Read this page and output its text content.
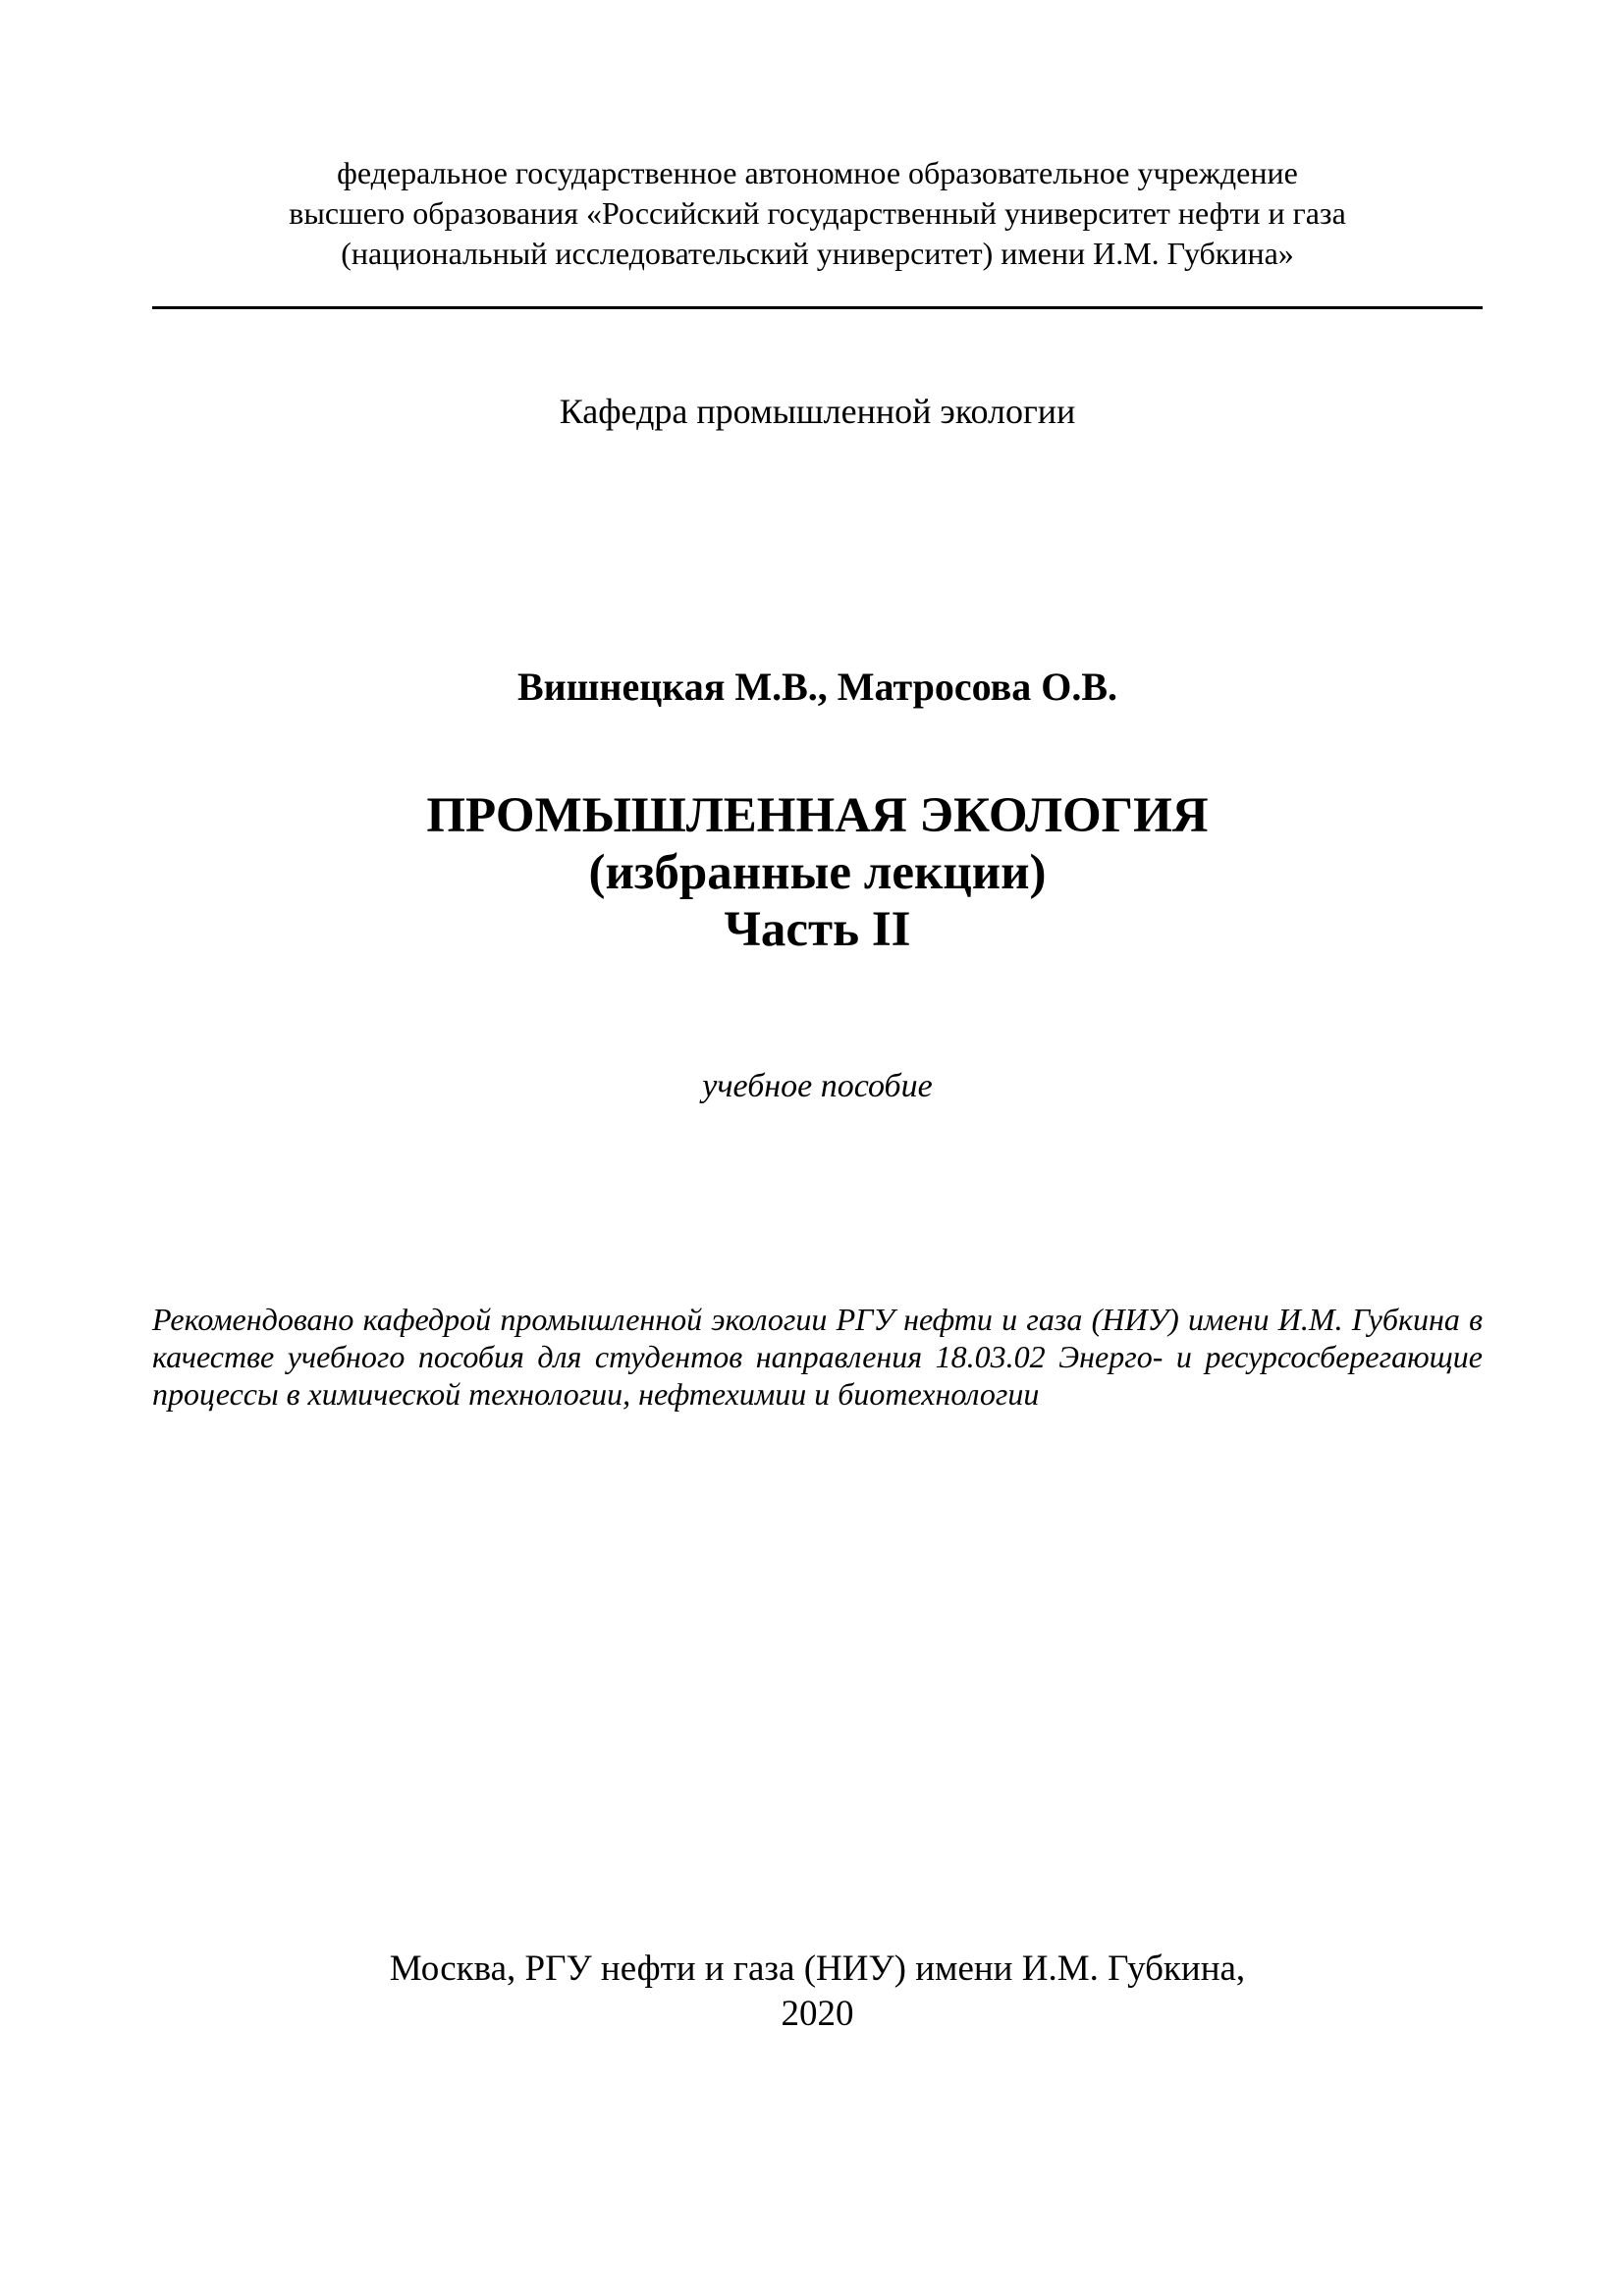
федеральное государственное автономное образовательное учреждение
высшего образования «Российский государственный университет нефти и газа
(национальный исследовательский университет) имени И.М. Губкина»
Кафедра промышленной экологии
Вишнецкая М.В., Матросова О.В.
ПРОМЫШЛЕННАЯ ЭКОЛОГИЯ
(избранные лекции)
Часть II
учебное пособие
Рекомендовано кафедрой промышленной экологии РГУ нефти и газа (НИУ) имени И.М. Губкина в качестве учебного пособия для студентов направления 18.03.02 Энерго- и ресурсосберегающие процессы в химической технологии, нефтехимии и биотехнологии
Москва, РГУ нефти и газа (НИУ) имени И.М. Губкина,
2020
